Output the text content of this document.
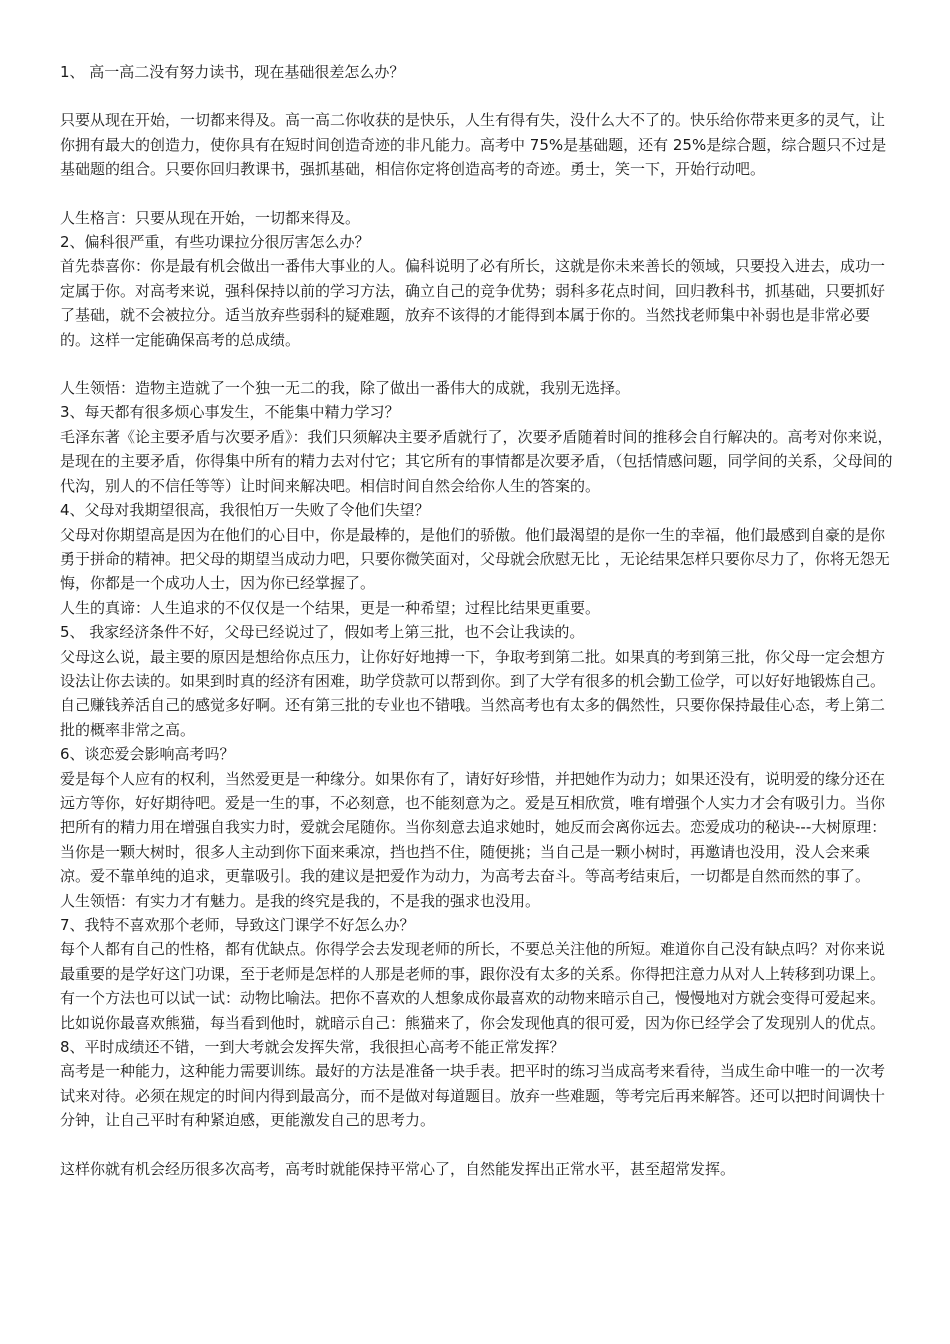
1、 高一高二没有努力读书，现在基础很差怎么办？

只要从现在开始，一切都来得及。高一高二你收获的是快乐，人生有得有失，没什么大不了的。快乐给你带来更多的灵气，让你拥有最大的创造力，使你具有在短时间创造奇迹的非凡能力。高考中 75%是基础题，还有 25%是综合题，综合题只不过是基础题的组合。只要你回归教课书，强抓基础，相信你定将创造高考的奇迹。勇士，笑一下，开始行动吧。

人生格言：只要从现在开始，一切都来得及。

2、偏科很严重，有些功课拉分很厉害怎么办？

首先恭喜你：你是最有机会做出一番伟大事业的人。偏科说明了必有所长，这就是你未来善长的领域，只要投入进去，成功一定属于你。对高考来说，强科保持以前的学习方法，确立自己的竞争优势；弱科多花点时间，回归教科书，抓基础，只要抓好了基础，就不会被拉分。适当放弃些弱科的疑难题，放弃不该得的才能得到本属于你的。当然找老师集中补弱也是非常必要的。这样一定能确保高考的总成绩。

人生领悟：造物主造就了一个独一无二的我，除了做出一番伟大的成就，我别无选择。

3、每天都有很多烦心事发生，不能集中精力学习？

毛泽东著《论主要矛盾与次要矛盾》：我们只须解决主要矛盾就行了，次要矛盾随着时间的推移会自行解决的。高考对你来说，是现在的主要矛盾，你得集中所有的精力去对付它；其它所有的事情都是次要矛盾，（包括情感问题，同学间的关系，父母间的代沟，别人的不信任等等）让时间来解决吧。相信时间自然会给你人生的答案的。

4、父母对我期望很高，我很怕万一失败了令他们失望？

父母对你期望高是因为在他们的心目中，你是最棒的，是他们的骄傲。他们最渴望的是你一生的幸福，他们最感到自豪的是你勇于拼命的精神。把父母的期望当成动力吧，只要你微笑面对，父母就会欣慰无比 ，无论结果怎样只要你尽力了，你将无怨无悔，你都是一个成功人士，因为你已经掌握了。

人生的真谛：人生追求的不仅仅是一个结果，更是一种希望；过程比结果更重要。

5、 我家经济条件不好，父母已经说过了，假如考上第三批，也不会让我读的。

父母这么说，最主要的原因是想给你点压力，让你好好地搏一下，争取考到第二批。如果真的考到第三批，你父母一定会想方设法让你去读的。如果到时真的经济有困难，助学贷款可以帮到你。到了大学有很多的机会勤工俭学，可以好好地锻炼自己。自己赚钱养活自己的感觉多好啊。还有第三批的专业也不错哦。当然高考也有太多的偶然性，只要你保持最佳心态，考上第二批的概率非常之高。

6、谈恋爱会影响高考吗？

爱是每个人应有的权利，当然爱更是一种缘分。如果你有了，请好好珍惜，并把她作为动力；如果还没有，说明爱的缘分还在远方等你，好好期待吧。爱是一生的事，不必刻意，也不能刻意为之。爱是互相欣赏，唯有增强个人实力才会有吸引力。当你把所有的精力用在增强自我实力时，爱就会尾随你。当你刻意去追求她时，她反而会离你远去。恋爱成功的秘诀---大树原理：当你是一颗大树时，很多人主动到你下面来乘凉，挡也挡不住，随便挑；当自己是一颗小树时，再邀请也没用，没人会来乘凉。爱不靠单纯的追求，更靠吸引。我的建议是把爱作为动力，为高考去奋斗。等高考结束后，一切都是自然而然的事了。

人生领悟：有实力才有魅力。是我的终究是我的，不是我的强求也没用。

7、我特不喜欢那个老师，导致这门课学不好怎么办？

每个人都有自己的性格，都有优缺点。你得学会去发现老师的所长，不要总关注他的所短。难道你自己没有缺点吗？对你来说最重要的是学好这门功课，至于老师是怎样的人那是老师的事，跟你没有太多的关系。你得把注意力从对人上转移到功课上。有一个方法也可以试一试：动物比喻法。把你不喜欢的人想象成你最喜欢的动物来暗示自己，慢慢地对方就会变得可爱起来。比如说你最喜欢熊猫，每当看到他时，就暗示自己：熊猫来了，你会发现他真的很可爱，因为你已经学会了发现别人的优点。

8、平时成绩还不错，一到大考就会发挥失常，我很担心高考不能正常发挥？

高考是一种能力，这种能力需要训练。最好的方法是准备一块手表。把平时的练习当成高考来看待，当成生命中唯一的一次考试来对待。必须在规定的时间内得到最高分，而不是做对每道题目。放弃一些难题，等考完后再来解答。还可以把时间调快十分钟，让自己平时有种紧迫感，更能激发自己的思考力。

这样你就有机会经历很多次高考，高考时就能保持平常心了，自然能发挥出正常水平，甚至超常发挥。
